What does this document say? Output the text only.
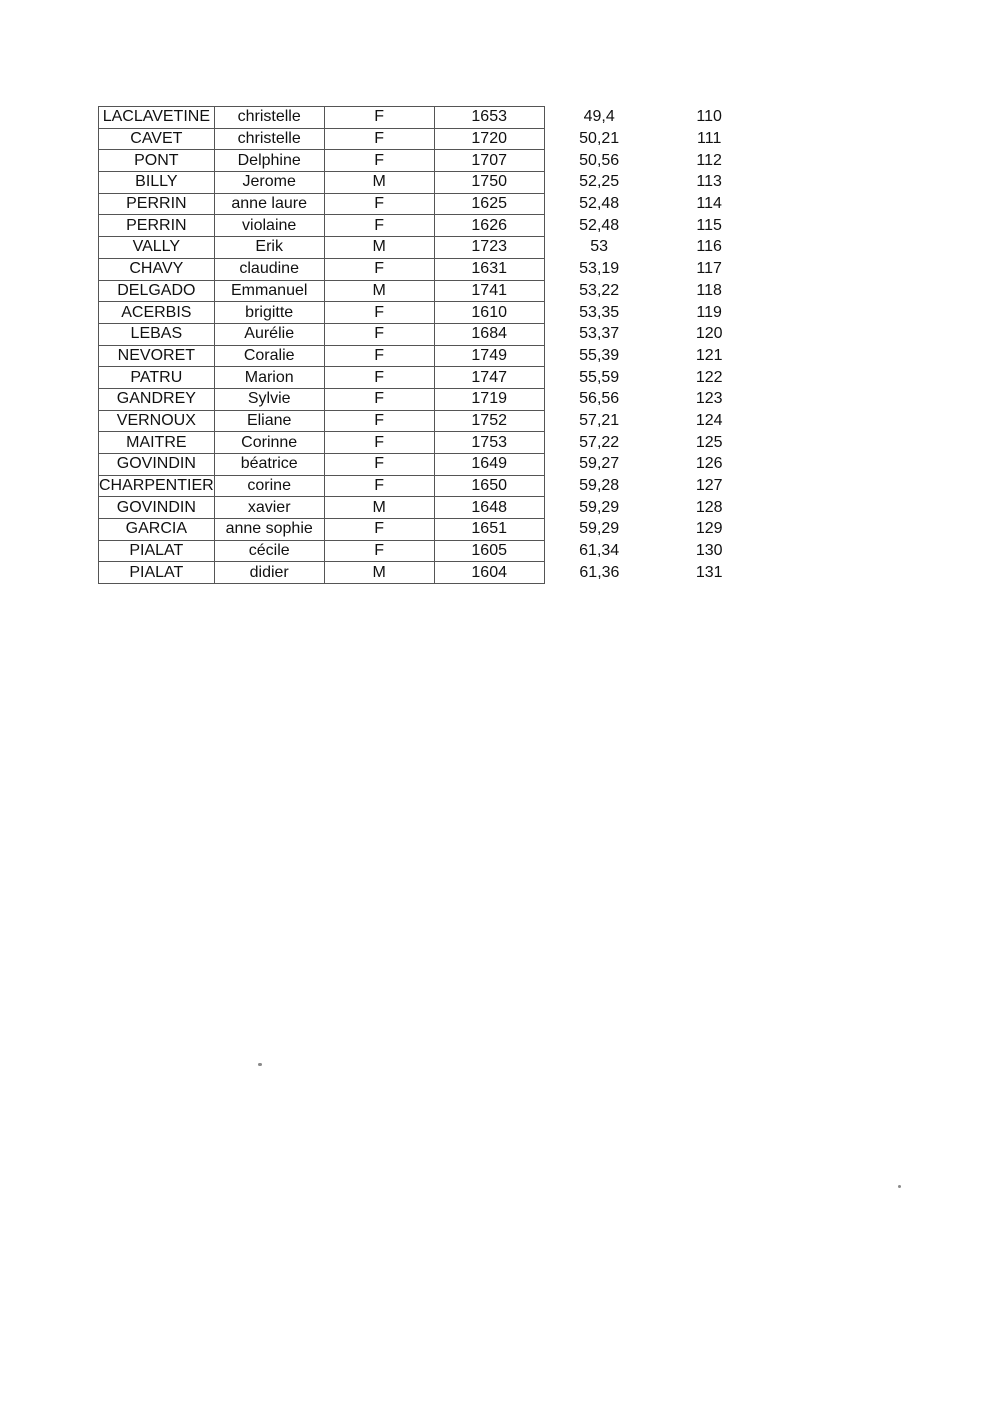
LACLAVETINE	christelle	F	1653	49,4	110
CAVET	christelle	F	1720	50,21	111
PONT	Delphine	F	1707	50,56	112
BILLY	Jerome	M	1750	52,25	113
PERRIN	anne laure	F	1625	52,48	114
PERRIN	violaine	F	1626	52,48	115
VALLY	Erik	M	1723	53	116
CHAVY	claudine	F	1631	53,19	117
DELGADO	Emmanuel	M	1741	53,22	118
ACERBIS	brigitte	F	1610	53,35	119
LEBAS	Aurélie	F	1684	53,37	120
NEVORET	Coralie	F	1749	55,39	121
PATRU	Marion	F	1747	55,59	122
GANDREY	Sylvie	F	1719	56,56	123
VERNOUX	Eliane	F	1752	57,21	124
MAITRE	Corinne	F	1753	57,22	125
GOVINDIN	béatrice	F	1649	59,27	126
CHARPENTIER	corine	F	1650	59,28	127
GOVINDIN	xavier	M	1648	59,29	128
GARCIA	anne sophie	F	1651	59,29	129
PIALAT	cécile	F	1605	61,34	130
PIALAT	didier	M	1604	61,36	131
